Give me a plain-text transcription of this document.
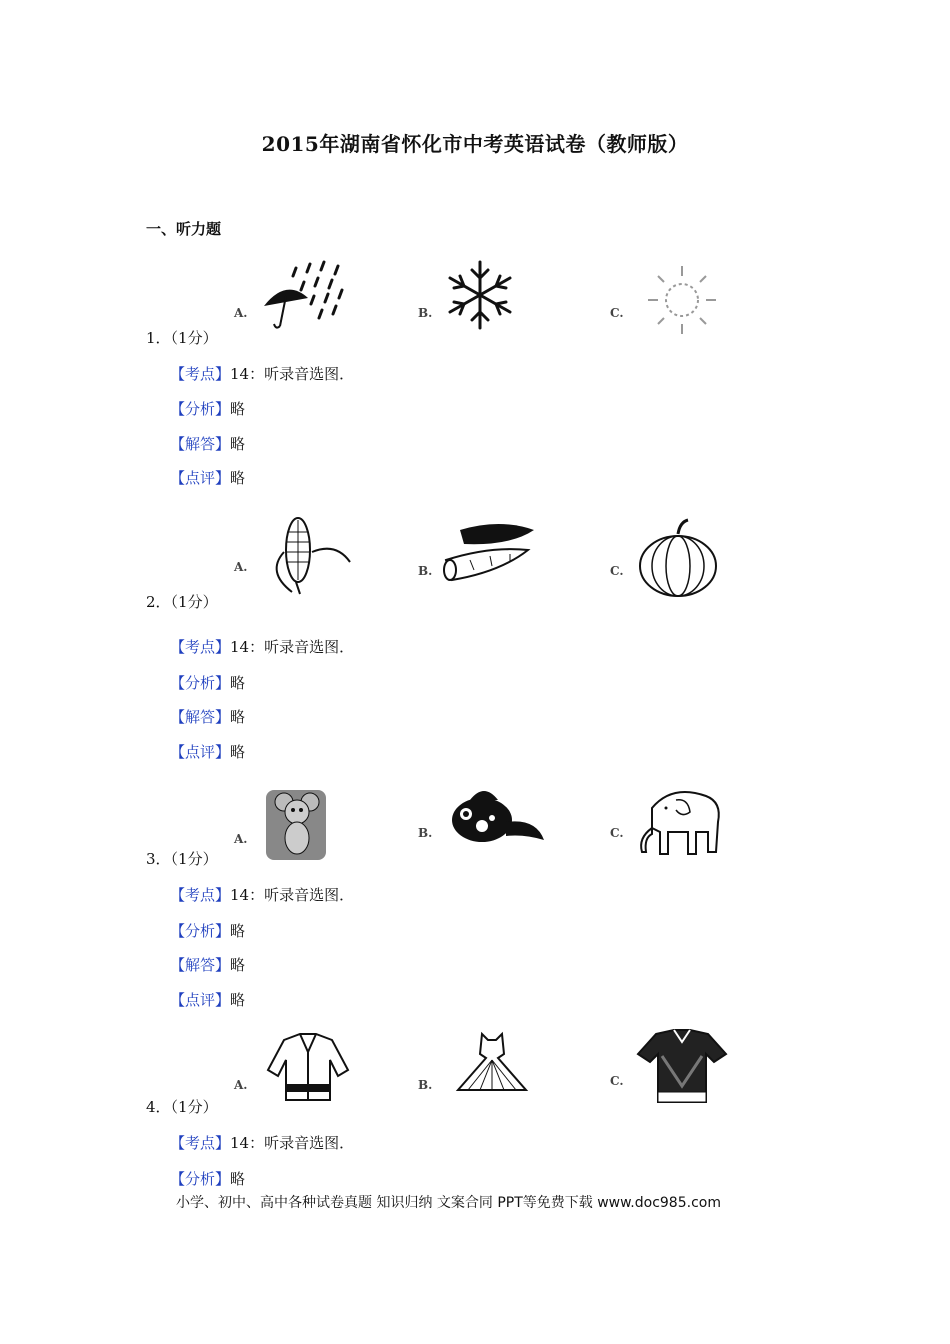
2015年湖南省怀化市中考英语试卷（教师版）
一、听力题
A.	B.	C.
1．（1分）
【考点】14：听录音选图．
【分析】略
【解答】略
【点评】略
A.	B.	C.
2．（1分）
【考点】14：听录音选图．
【分析】略
【解答】略
【点评】略
A.	B.	C.
3．（1分）
【考点】14：听录音选图．
【分析】略
【解答】略
【点评】略
A.	B.	C.
4．（1分）
【考点】14：听录音选图．
【分析】略
小学、初中、高中各种试卷真题 知识归纳 文案合同 PPT等免费下载 www.doc985.com
